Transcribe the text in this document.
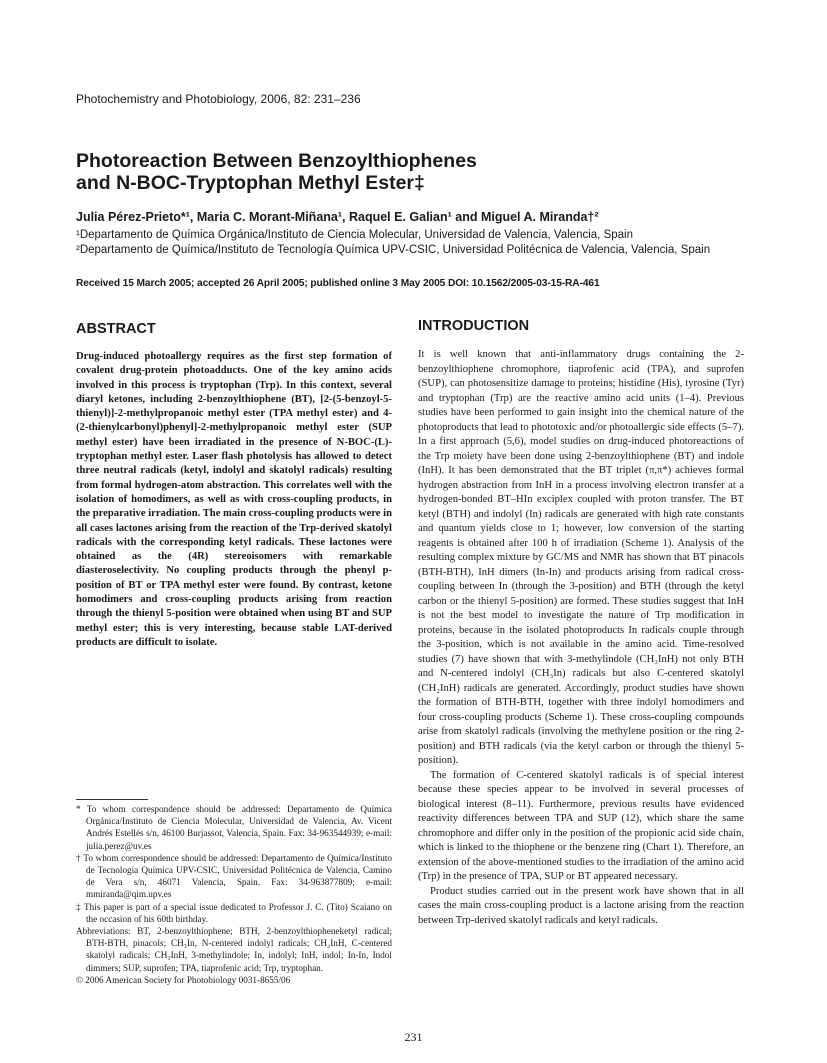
Photochemistry and Photobiology, 2006, 82: 231–236
Photoreaction Between Benzoylthiophenes
and N-BOC-Tryptophan Methyl Ester‡
Julia Pérez-Prieto*¹, Maria C. Morant-Miñana¹, Raquel E. Galian¹ and Miguel A. Miranda†²
¹Departamento de Química Orgánica/Instituto de Ciencia Molecular, Universidad de Valencia, Valencia, Spain
²Departamento de Química/Instituto de Tecnología Química UPV-CSIC, Universidad Politécnica de Valencia, Valencia, Spain
Received 15 March 2005; accepted 26 April 2005; published online 3 May 2005 DOI: 10.1562/2005-03-15-RA-461
ABSTRACT
Drug-induced photoallergy requires as the first step formation of covalent drug-protein photoadducts. One of the key amino acids involved in this process is tryptophan (Trp). In this context, several diaryl ketones, including 2-benzoylthiophene (BT), [2-(5-benzoyl-5-thienyl)]-2-methylpropanoic methyl ester (TPA methyl ester) and 4-(2-thienylcarbonyl)phenyl]-2-methylpropanoic methyl ester (SUP methyl ester) have been irradiated in the presence of N-BOC-(L)-tryptophan methyl ester. Laser flash photolysis has allowed to detect three neutral radicals (ketyl, indolyl and skatolyl radicals) resulting from formal hydrogen-atom abstraction. This correlates well with the isolation of homodimers, as well as with cross-coupling products, in the preparative irradiation. The main cross-coupling products were in all cases lactones arising from the reaction of the Trp-derived skatolyl radicals with the corresponding ketyl radicals. These lactones were obtained as the (4R) stereoisomers with remarkable diasteroselectivity. No coupling products through the phenyl p-position of BT or TPA methyl ester were found. By contrast, ketone homodimers and cross-coupling products arising from reaction through the thienyl 5-position were obtained when using BT and SUP methyl ester; this is very interesting, because stable LAT-derived products are difficult to isolate.
INTRODUCTION

It is well known that anti-inflammatory drugs containing the 2-benzoylthiophene chromophore, tiaprofenic acid (TPA), and suprofen (SUP), can photosensitize damage to proteins; histidine (His), tyrosine (Tyr) and tryptophan (Trp) are the reactive amino acid units (1–4). Previous studies have been performed to gain insight into the chemical nature of the photoproducts that lead to phototoxic and/or photoallergic side effects (5–7). In a first approach (5,6), model studies on drug-induced photoreactions of the Trp moiety have been done using 2-benzoylthiophene (BT) and indole (InH). It has been demonstrated that the BT triplet (π,π*) achieves formal hydrogen abstraction from InH in a process involving electron transfer at a hydrogen-bonded BT–HIn exciplex coupled with proton transfer. The BT ketyl (BTH) and indolyl (In) radicals are generated with high rate constants and quantum yields close to 1; however, low conversion of the starting reagents is obtained after 100 h of irradiation (Scheme 1). Analysis of the resulting complex mixture by GC/MS and NMR has shown that BT pinacols (BTH-BTH), InH dimers (In-In) and products arising from radical cross-coupling between In (through the 3-position) and BTH (through the ketyl carbon or the thienyl 5-position) are formed. These studies suggest that InH is not the best model to investigate the nature of Trp modification in proteins, because in the isolated photoproducts In radicals couple through the 3-position, which is not available in the amino acid. Time-resolved studies (7) have shown that with 3-methylindole (CH₃InH) not only BTH and N-centered indolyl (CH₃In) radicals but also C-centered skatolyl (CH₂InH) radicals are generated. Accordingly, product studies have shown the formation of BTH-BTH, together with three indolyl homodimers and four cross-coupling products (Scheme 1). These cross-coupling compounds arise from skatolyl radicals (involving the methylene position or the ring 2-position) and BTH radicals (via the ketyl carbon or through the thienyl 5-position).

The formation of C-centered skatolyl radicals is of special interest because these species appear to be involved in several processes of biological interest (8–11). Furthermore, previous results have evidenced reactivity differences between TPA and SUP (12), which share the same chromophore and differ only in the position of the propionic acid side chain, which is linked to the thiophene or the benzene ring (Chart 1). Therefore, an extension of the above-mentioned studies to the irradiation of the amino acid (Trp) in the presence of TPA, SUP or BT appeared necessary.

Product studies carried out in the present work have shown that in all cases the main cross-coupling product is a lactone arising from the reaction between Trp-derived skatolyl radicals and ketyl radicals.

* To whom correspondence should be addressed: Departamento de Química Orgánica/Instituto de Ciencia Molecular, Universidad de Valencia, Av. Vicent Andrés Estellés s/n, 46100 Burjassot, Valencia, Spain. Fax: 34-963544939; e-mail: julia.perez@uv.es

† To whom correspondence should be addressed: Departamento de Química/Instituto de Tecnología Química UPV-CSIC, Universidad Politécnica de Valencia, Camino de Vera s/n, 46071 Valencia, Spain. Fax: 34-963877809; e-mail: mmiranda@qim.upv.es

‡ This paper is part of a special issue dedicated to Professor J. C. (Tito) Scaiano on the occasion of his 60th birthday.

Abbreviations: BT, 2-benzoylthiophene; BTH, 2-benzoylthiopheneketyl radical; BTH-BTH, pinacols; CH₃In, N-centered indolyl radicals; CH₂InH, C-centered skatolyl radicals; CH₃InH, 3-methylindole; In, indolyl; InH, indol; In-In, Indol dimmers; SUP, suprofen; TPA, tiaprofenic acid; Trp, tryptophan.

© 2006 American Society for Photobiology 0031-8655/06

231
